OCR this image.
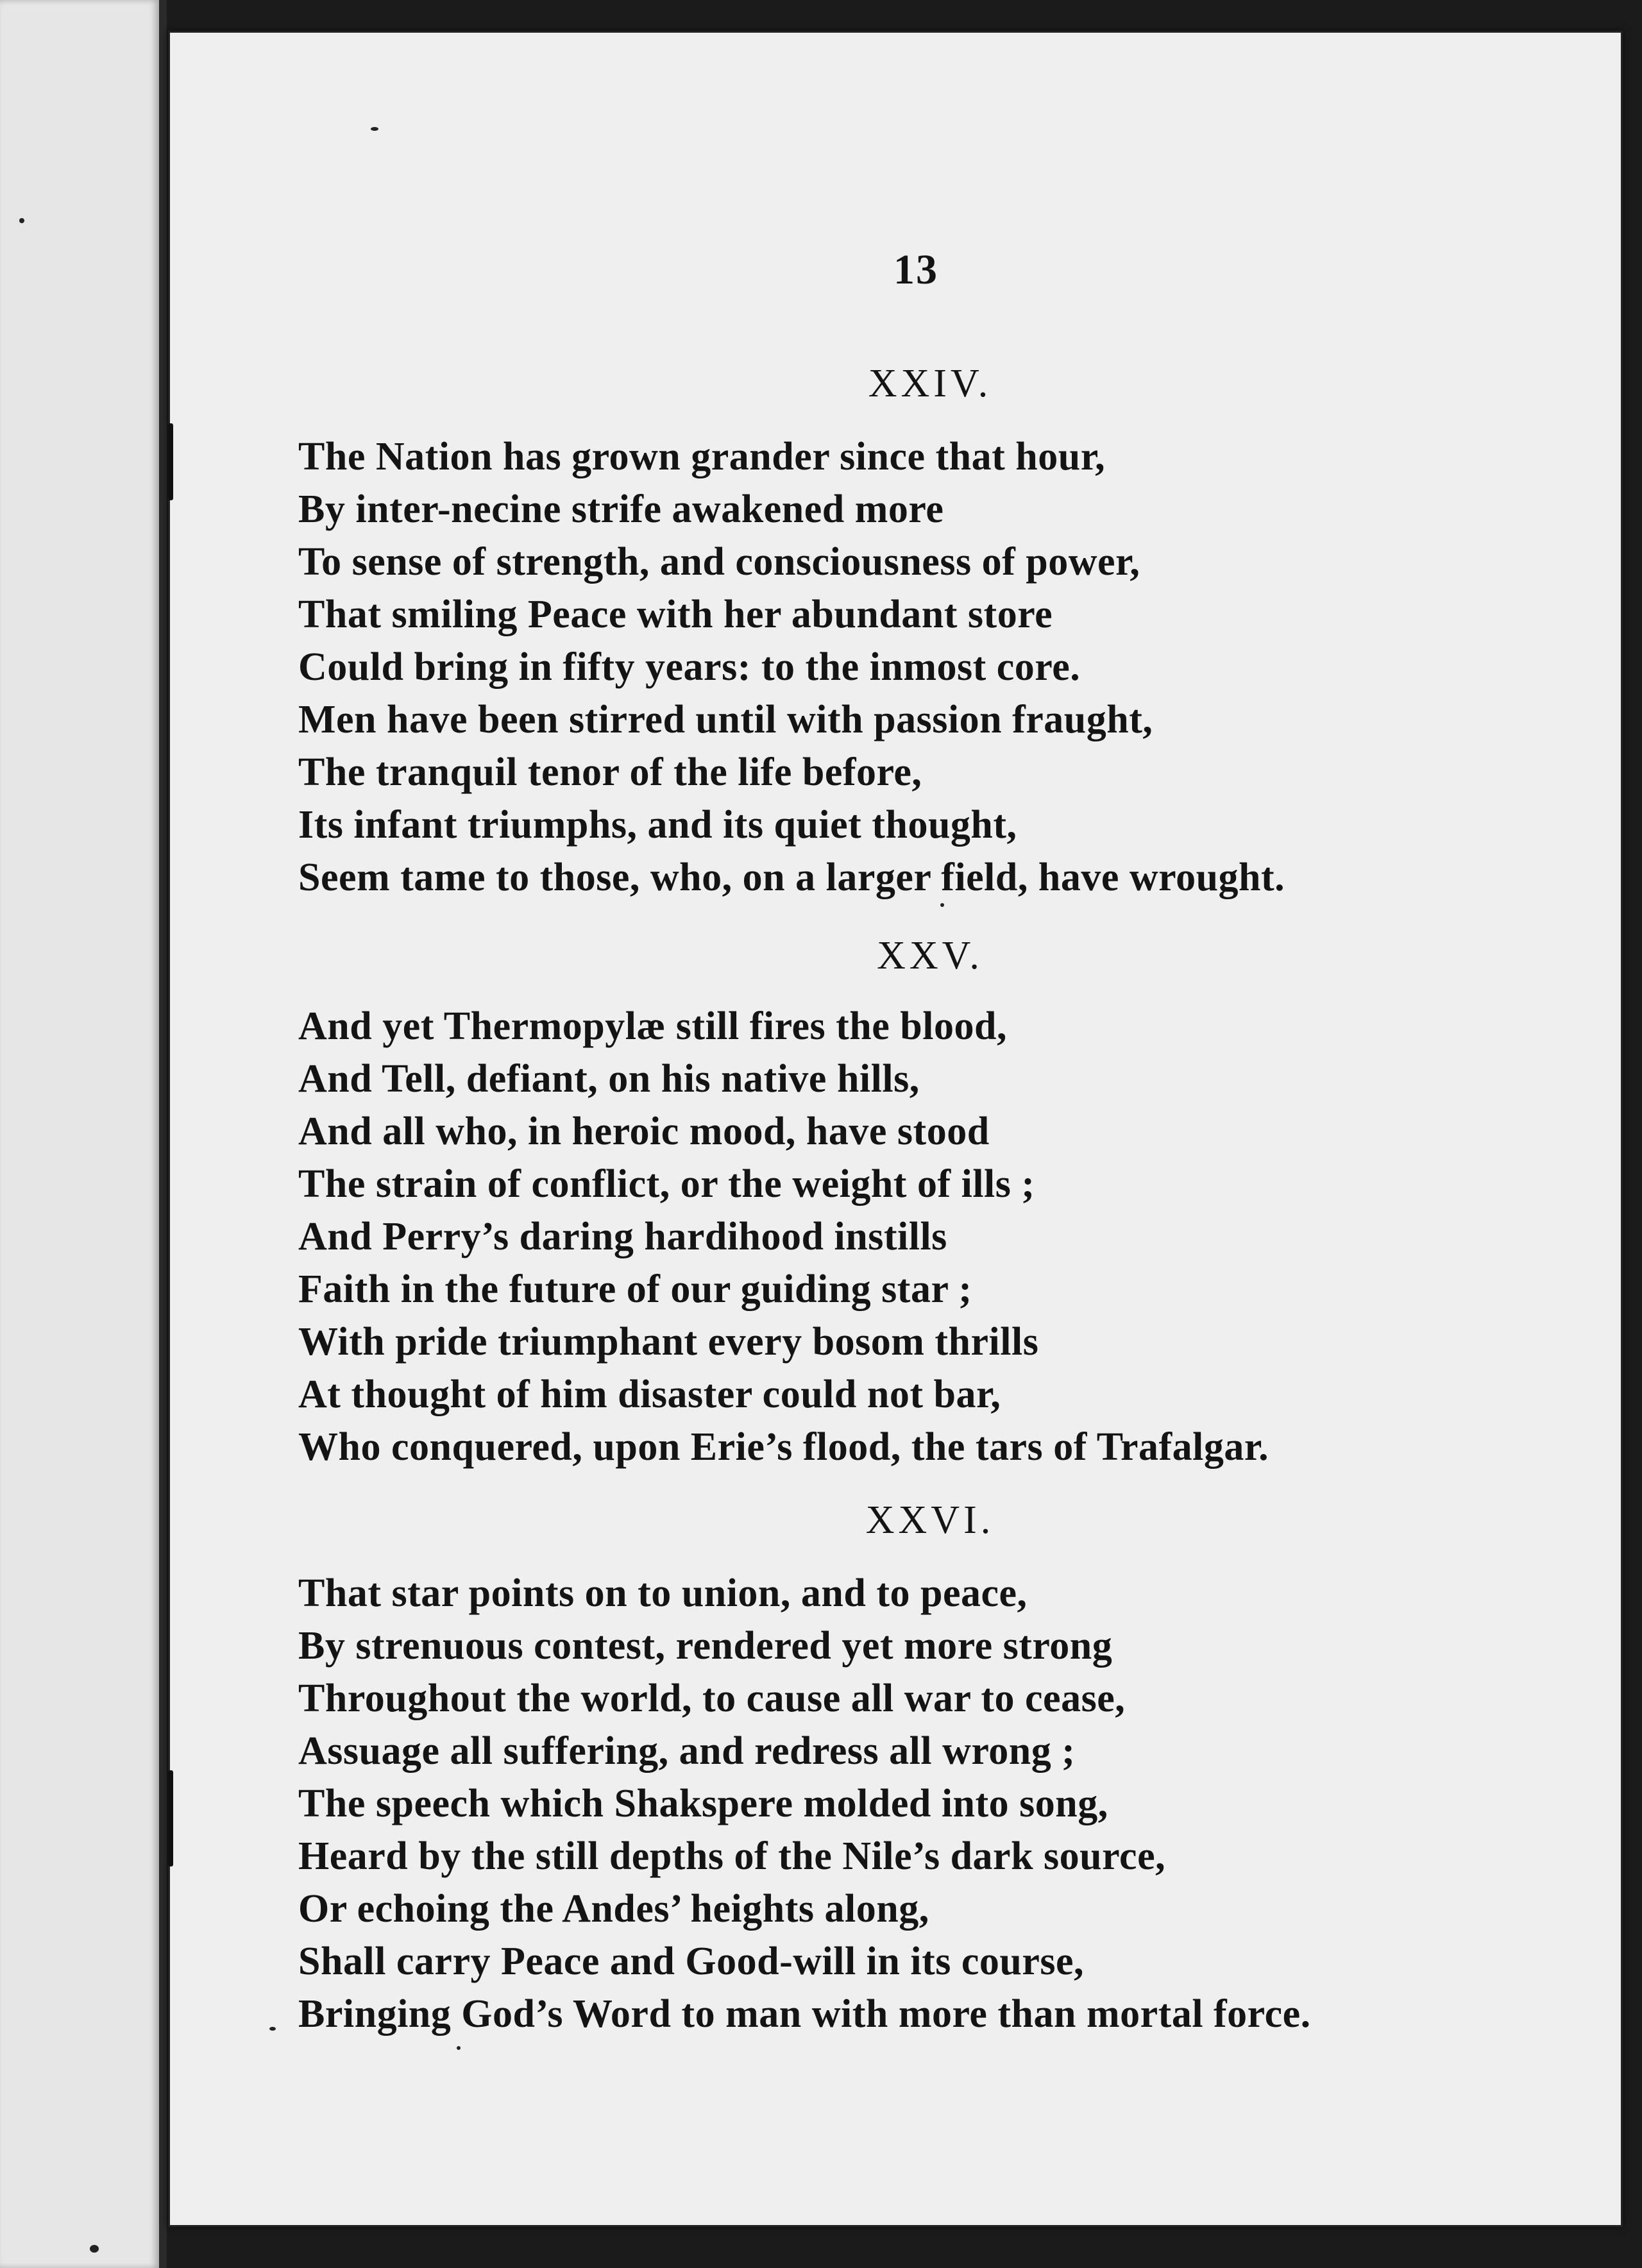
13
XXIV.
The Nation has grown grander since that hour,
By inter-necine strife awakened more
To sense of strength, and consciousness of power,
That smiling Peace with her abundant store
Could bring in fifty years: to the inmost core.
Men have been stirred until with passion fraught,
The tranquil tenor of the life before,
Its infant triumphs, and its quiet thought,
Seem tame to those, who, on a larger field, have wrought.
XXV.
And yet Thermopylæ still fires the blood,
And Tell, defiant, on his native hills,
And all who, in heroic mood, have stood
The strain of conflict, or the weight of ills ;
And Perry’s daring hardihood instills
Faith in the future of our guiding star ;
With pride triumphant every bosom thrills
At thought of him disaster could not bar,
Who conquered, upon Erie’s flood, the tars of Trafalgar.
XXVI.
That star points on to union, and to peace,
By strenuous contest, rendered yet more strong
Throughout the world, to cause all war to cease,
Assuage all suffering, and redress all wrong ;
The speech which Shakspere molded into song,
Heard by the still depths of the Nile’s dark source,
Or echoing the Andes’ heights along,
Shall carry Peace and Good-will in its course,
Bringing God’s Word to man with more than mortal force.
